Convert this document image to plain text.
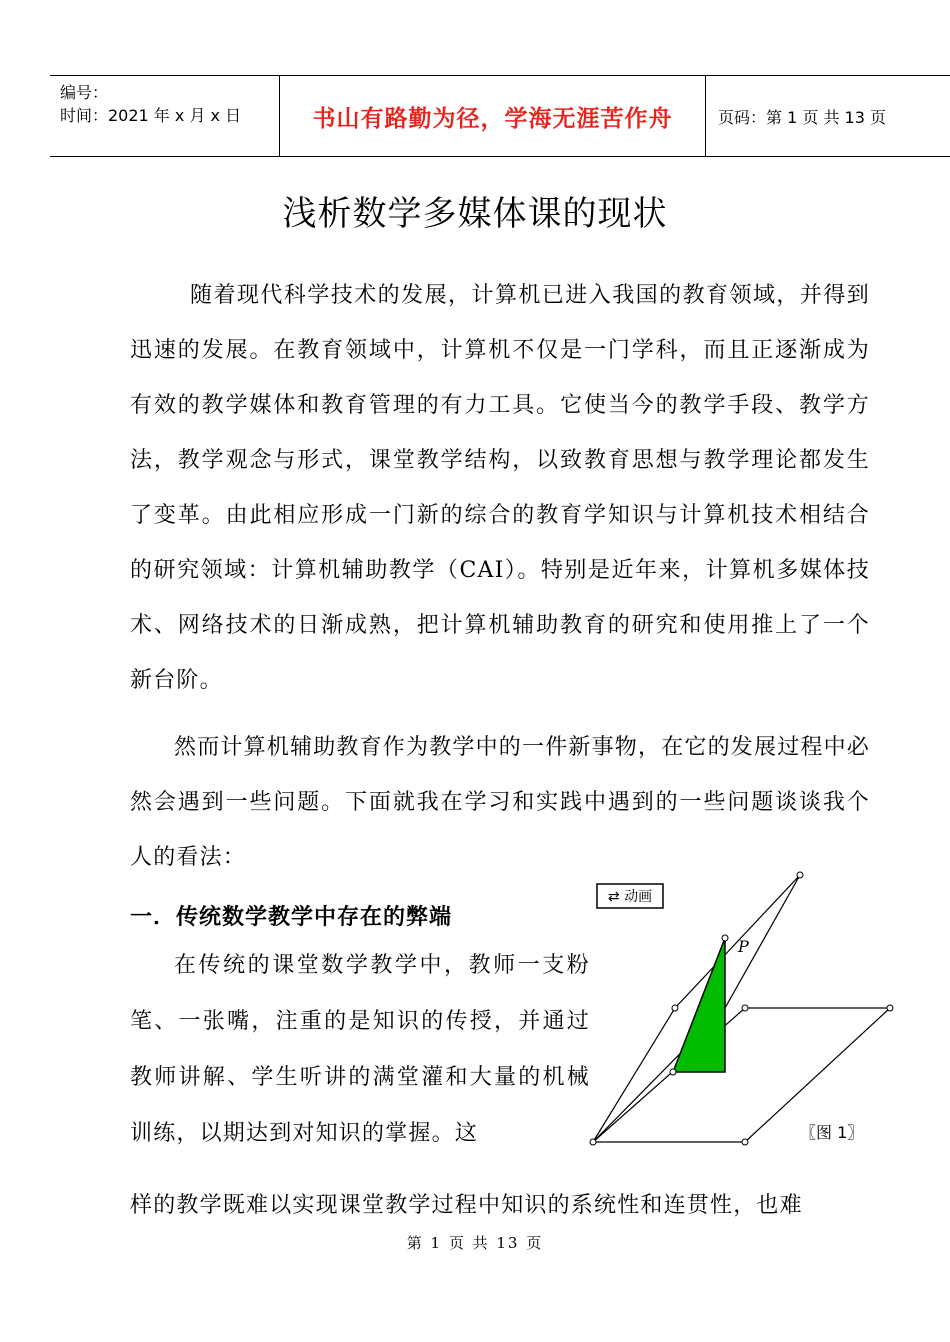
编号：
时间：2021 年 x 月 x 日	书山有路勤为径，学海无涯苦作舟	页码：第 1 页 共 13 页
浅析数学多媒体课的现状
随着现代科学技术的发展，计算机已进入我国的教育领域，并得到迅速的发展。在教育领域中，计算机不仅是一门学科，而且正逐渐成为有效的教学媒体和教育管理的有力工具。它使当今的教学手段、教学方法，教学观念与形式，课堂教学结构，以致教育思想与教学理论都发生了变革。由此相应形成一门新的综合的教育学知识与计算机技术相结合的研究领域：计算机辅助教学（CAI）。特别是近年来，计算机多媒体技术、网络技术的日渐成熟，把计算机辅助教育的研究和使用推上了一个新台阶。
然而计算机辅助教育作为教学中的一件新事物，在它的发展过程中必然会遇到一些问题。下面就我在学习和实践中遇到的一些问题谈谈我个人的看法：
一．传统数学教学中存在的弊端
在传统的课堂数学教学中，教师一支粉笔、一张嘴，注重的是知识的传授，并通过教师讲解、学生听讲的满堂灌和大量的机械训练，以期达到对知识的掌握。这
⇄ 动画
P
〖图 1〗
样的教学既难以实现课堂教学过程中知识的系统性和连贯性，也难
第 1 页 共 13 页
